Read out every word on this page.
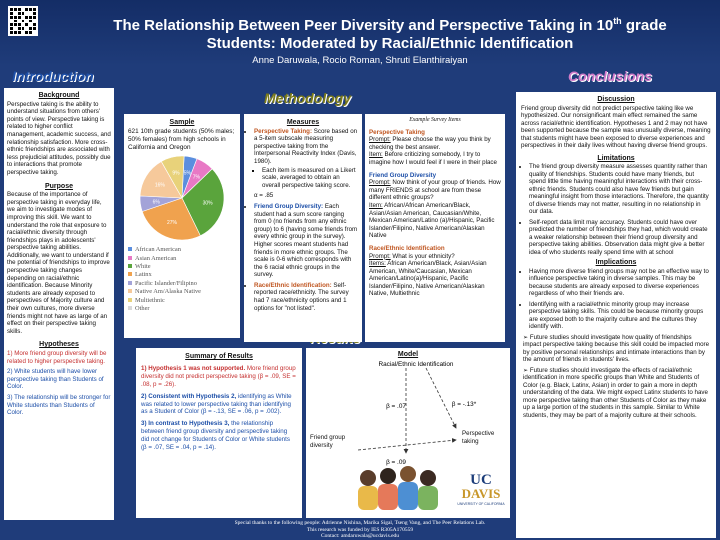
The Relationship Between Peer Diversity and Perspective Taking in 10th grade
Students: Moderated by Racial/Ethnic Identification
Anne Daruwala, Rocio Roman, Shruti Elanthiraiyan
Introduction
Methodology
Conclusions
Background
Perspective taking is the ability to understand situations from others' points of view. Perspective taking is related to higher conflict management, academic success, and relationship satisfaction. More cross-ethnic friendships are associated with less prejudicial attitudes, possibly due to interactions that promote perspective taking.
Purpose
Because of the importance of perspective taking in everyday life, we aim to investigate modes of improving this skill. We want to understand the role that exposure to racial/ethnic diversity through friendships plays in adolescents' perspective taking abilities. Additionally, we want to understand if the potential of friendships to improve perspective taking changes depending on racial/ethnic identification. Because Minority students are already exposed to perspectives of Majority culture and their own cultures, more diverse friends might not have as large of an effect on their perspective taking skills.
Hypotheses
1) More friend group diversity will be related to higher perspective taking.
2) White students will have lower perspective taking than Students of Color.
3) The relationship will be stronger for White students than Students of Color.
Sample
621 10th grade students (50% males; 50% females) from high schools in California and Oregon
5%
7%
30%
27%
6%
16%
9%
African American
Asian American
White
Latinx
Pacific Islander/Filipino
Native Am/Alaska Native
Multiethnic
Other
Measures
• Perspective Taking: Score based on a 5-item subscale measuring perspective taking from the Interpersonal Reactivity Index (Davis, 1980).
▪ Each item is measured on a Likert scale, averaged to obtain an overall perspective taking score.
α = .85
• Friend Group Diversity: Each student had a sum score ranging from 0 (no friends from any ethnic group) to 6 (having some friends from every ethnic group in the survey). Higher scores meant students had friends in more ethnic groups. The scale is 0-6 which corresponds with the 6 racial ethnic groups in the survey.
• Race/Ethnic Identification: Self-reported race/ethnicity. The survey had 7 race/ethnicity options and 1 options for "not listed".
Example Survey Items
Perspective Taking
Prompt: Please choose the way you think by checking the best answer.
Item: Before criticizing somebody, I try to imagine how I would feel if I were in their place
Friend Group Diversity
Prompt: Now think of your group of friends. How many FRIENDS at school are from these different ethnic groups?
Item: African/African American/Black, Asian/Asian American, Caucasian/White, Mexican American/Latino (a)/Hispanic, Pacific Islander/Filipino, Native American/Alaskan Native
Race/Ethnic Identification
Prompt: What is your ethnicity?
Items: African American/Black, Asian/Asian American, White/Caucasian, Mexican American/Latino(a)/Hispanic, Pacific Islander/Filipino, Native American/Alaskan Native, Multiethnic
Summary of Results
1) Hypothesis 1 was not supported. More friend group diversity did not predict perspective taking (β = .09, SE = .08, p = .26).
2) Consistent with Hypothesis 2, identifying as White was related to lower perspective taking than identifying as a Student of Color (β = -.13, SE = .06, p = .002).
3) In contrast to Hypothesis 3, the relationship between friend group diversity and perspective taking did not change for Students of Color or White students (β = .07, SE = .04, p = .14).
Model
Racial/Ethnic Identification
β = .07	β = -.13*
β = .09
Friend group diversity
Perspective taking
UC
DAVIS
UNIVERSITY OF CALIFORNIA
Discussion
Friend group diversity did not predict perspective taking like we hypothesized. Our nonsignificant main effect remained the same across racial/ethnic identification. Hypotheses 1 and 2 may not have been supported because the sample was unusually diverse, meaning that students might have been exposed to diverse experiences and perspectives in their daily lives without having diverse friend groups.
Limitations
• The friend group diversity measure assesses quantity rather than quality of friendships. Students could have many friends, but spend little time having meaningful interactions with their cross-ethnic friends. Students could also have few friends but gain meaningful insight from those interactions. Therefore, the quantity of diverse friends may not matter, resulting in no relationship in our data.
• Self-report data limit may accuracy. Students could have over predicted the number of friendships they had, which would create a weaker relationship between their friend group diversity and perspective taking abilities. Observation data might give a better idea of who students really spend time with at school
Implications
• Having more diverse friend groups may not be an effective way to influence perspective taking in diverse samples. This may be because students are already exposed to diverse experiences regardless of who their friends are.
• Identifying with a racial/ethnic minority group may increase perspective taking skills. This could be because minority groups are exposed both to the majority culture and the cultures they identify with.
➢ Future studies should investigate how quality of friendships impact perspective taking because this skill could be impacted more by positive personal relationships and intimate interactions than by the amount of friends in students' lives.
➢ Future studies should investigate the effects of racial/ethnic identification in more specific groups than White and Students of Color (e.g. Black, Latinx, Asian) in order to gain a more in depth understanding of the data. We might expect Latinx students to have more perspective taking than other Students of Color as they make up a large portion of the students in this sample. Similar to White students, they may be part of a majority culture at their schools.
Special thanks to the following people: Adrienne Nishina, Marika Sigal, Tseng Vang, and The Peer Relations Lab.
This research was funded by IES R305A170559
Contact: amdaruwala@ucdavis.edu
